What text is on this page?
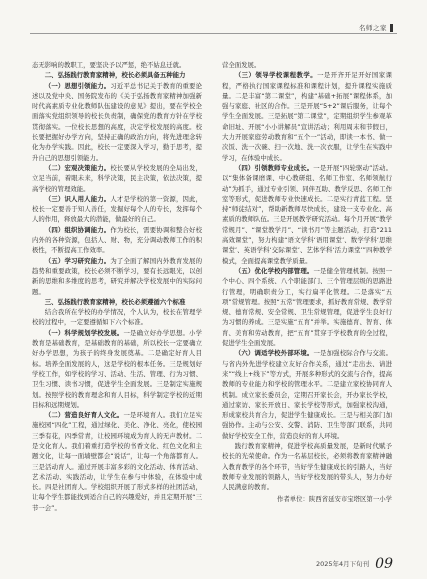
名师之家

态无影响的教职工，要坚决予以严惩，绝不姑息迁就。

二、弘扬践行教育家精神，校长必须具备五种能力

（一）思想引领能力。习近平总书记关于教育的重要论述以及党中央、国务院发布的《关于弘扬教育家精神加强新时代高素质专业化教师队伍建设的意见》提出，要在学校全面落实党组织领导的校长负责制，确保党的教育方针在学校贯彻落实。一位校长思想的高度，决定学校发展的高度。校长要把握好办学方向，坚持正确的政治方向，将先进理念转化为办学实践。因此，校长一定要深入学习，勤于思考，提升自己的思想引领能力。

（二）宏观决策能力。校长要从学校发展的全局出发，立足当前，着眼未来，科学决策，民主决策，依法决策，提高学校的管理效能。

（三）识人用人能力。人才是学校的第一资源，因此，校长一定要善于知人善任，发掘好每个人的专长，发挥每个人的作用，释放最大的潜能，做最好的自己。

（四）组织协调能力。作为校长，需要协调和整合好校内外的各种资源，包括人、财、物，充分调动教师工作的积极性，不断提高工作效率。

（五）学习研究能力。为了全面了解国内外教育发展的趋势和重要政策，校长必须不断学习，要有长远眼光，以创新的思维和多维度的思考，研究并解决学校发展中的实际问题。

三、弘扬践行教育家精神，校长必须遵循六个标准

结合我所在学校的办学情况，个人认为，校长在管理学校的过程中，一定要遵循如下六个标准。

（一）科学规划学校发展。一是确立好办学思想。小学教育是基础教育，是基础教育的基础，所以校长一定要确立好办学思想，为孩子的终身发展奠基。二是确定好育人目标。培养全面发展的人，这是学校的根本任务。三是规划好学校工作，如学校的学习、活动、生活、管理、行为习惯、卫生习惯、读书习惯，促进学生全面发展。三是制定实施规划。按照学校的教育理念和育人目标，科学制定学校的近期目标和远期规划。

（二）营造良好育人文化。一是环境育人。我们立足实施校园“四化”工程，通过绿化、美化、净化、亮化，使校园三季有花，四季常青，让校园环境成为育人的无声教材。二是文化育人。我们着重打造学校的书香文化、红色文化和主题文化，让每一面墙壁都会“说话”，让每一个角落都育人。三是活动育人。通过开展丰富多彩的文化活动、体育活动、艺术活动、实践活动，让学生在参与中体验，在体验中成长。四是社团育人。学校组织开展了形式多样的社团活动，让每个学生都能找到适合自己的兴趣爱好，并且定期开展“三节一会”。

营全面发展。

（三）领导学校课程教学。一是开齐开足开好国家课程，严格执行国家课程标准和课程计划，提升课程实施质量。二是丰富“第二课堂”，构建“基础+拓展”课程体系，加强与家庭、社区的合作。三是开展“5+2”课后服务，让每个学生全面发展。三是拓展“第二课堂”，定期组织学生参观革命旧址、开展“小小讲解员”宣讲活动；利用周末和节假日，大力开展家庭劳动教育和“五个一”活动，即读一本书、做一次饭、洗一次碗、扫一次地、洗一次衣服，让学生在实践中学习，在体验中成长。

（四）引领教师专业成长。一是开展“四轮驱动”活动。以“集体备课磨课、中心教研组、名师工作室、名师领航行动”为抓手，通过专业引领、同伴互助、教学反思、名师工作室等形式，促进教师专业快速成长。二是实行青蓝工程。坚持“师徒结对”，帮助新教师尽快成长，建设一支专业化、高素质的教师队伍。三是开展教学研究活动。每个月开展“教学常规月”、“课堂教学月”、“读书月”等主题活动，打造“211高效课堂”，努力构建“语文学科‘语用课堂’、数学学科‘思维课堂’、英语学科‘交际课堂’、艺体学科‘活力课堂’”四种教学模式，全面提高课堂教学质量。

（五）优化学校内部管理。一是健全管理机制。按照一个中心、四个系统、八个职能部门、三个管理层级的思路进行管理，明确职责分工，实行扁平化管理。二是落实“五项”常规管理。按照“五常”管理要求，抓好教育常规、教学常规、德育常规、安全常规、卫生常规管理，促进学生良好行为习惯的养成。三是实施“五育”并举。实施德育、智育、体育、美育和劳动教育，把“五育”贯穿于学校教育的全过程，促进学生全面发展。

（六）调适学校外部环境。一是加强校际合作与交流。与省内外先进学校建立友好合作关系，通过“走出去、请进来”“线上+线下”等方式，开展多种形式的交流与合作，提高教师的专业能力和学校的管理水平。二是建立家校协同育人机制。成立家长委员会，定期召开家长会，开办家长学校，通过家访、家长开放日、家长学校等形式，加强家校沟通，形成家校共育合力，促进学生健康成长。三是与相关部门加强协作。主动与公安、交警、消防、卫生等部门联系，共同做好学校安全工作，营造良好的育人环境。

践行教育家精神，促进学校高质量发展，是新时代赋予校长的光荣使命。作为一名基层校长，必须将教育家精神融入教育教学的各个环节，当好学生健康成长的引路人，当好教师专业发展的领路人，当好学校发展的带头人，努力办好人民满意的教育。

作者单位：陕西省延安市宝塔区第一小学
2025年4月下旬刊 09
